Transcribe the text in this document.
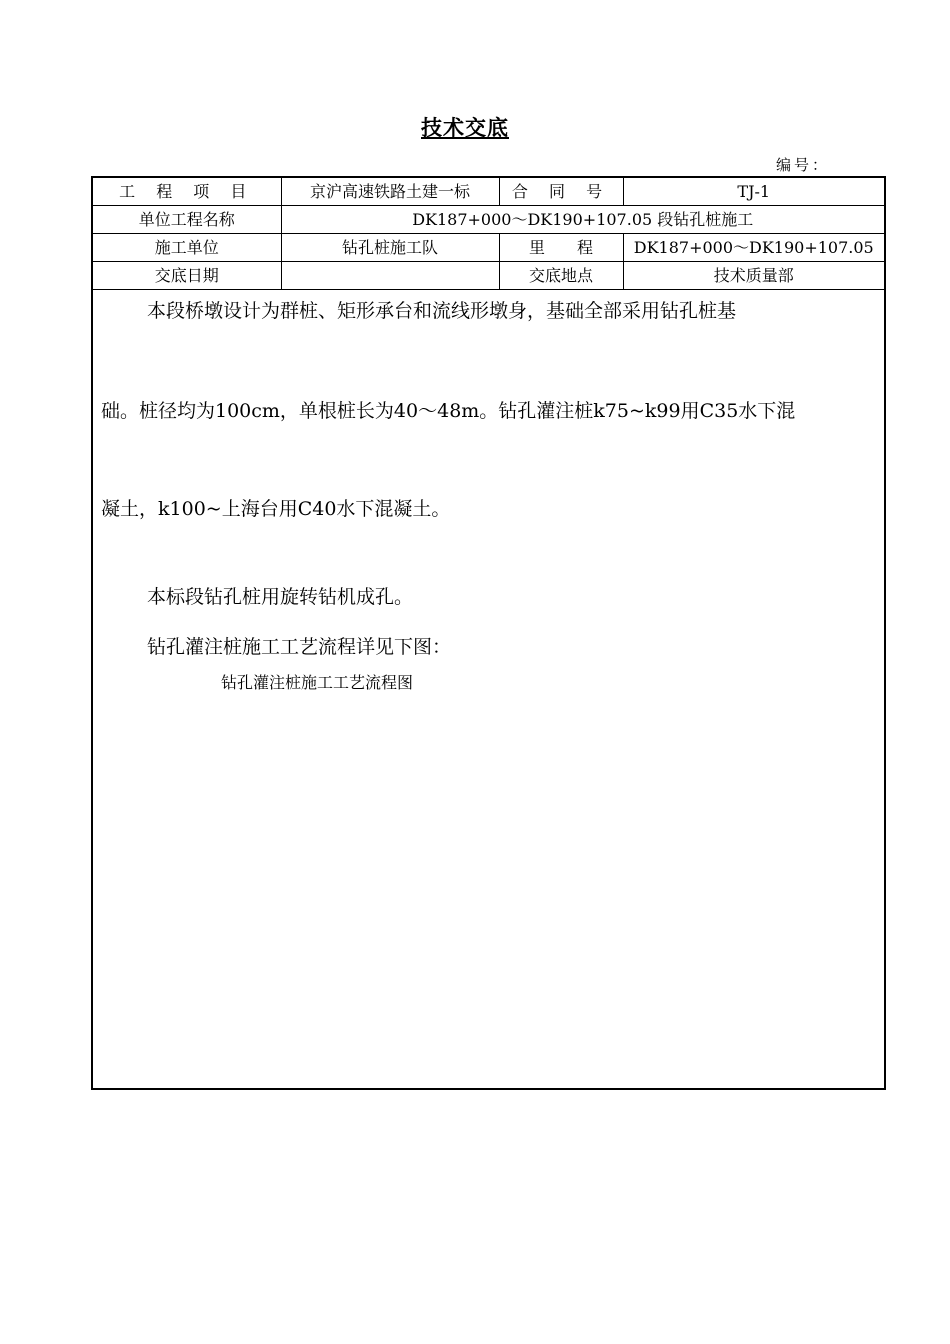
技术交底
编号：
工 程 项 目	京沪高速铁路土建一标	合 同 号	TJ-1
单位工程名称	DK187+000～DK190+107.05 段钻孔桩施工		
施工单位	钻孔桩施工队	里　　程	DK187+000～DK190+107.05
交底日期		交底地点	技术质量部
本段桥墩设计为群桩、矩形承台和流线形墩身，基础全部采用钻孔桩基
础。桩径均为100cm，单根桩长为40～48m。钻孔灌注桩k75~k99用C35水下混
凝土，k100~上海台用C40水下混凝土。
本标段钻孔桩用旋转钻机成孔。
钻孔灌注桩施工工艺流程详见下图：
钻孔灌注桩施工工艺流程图
